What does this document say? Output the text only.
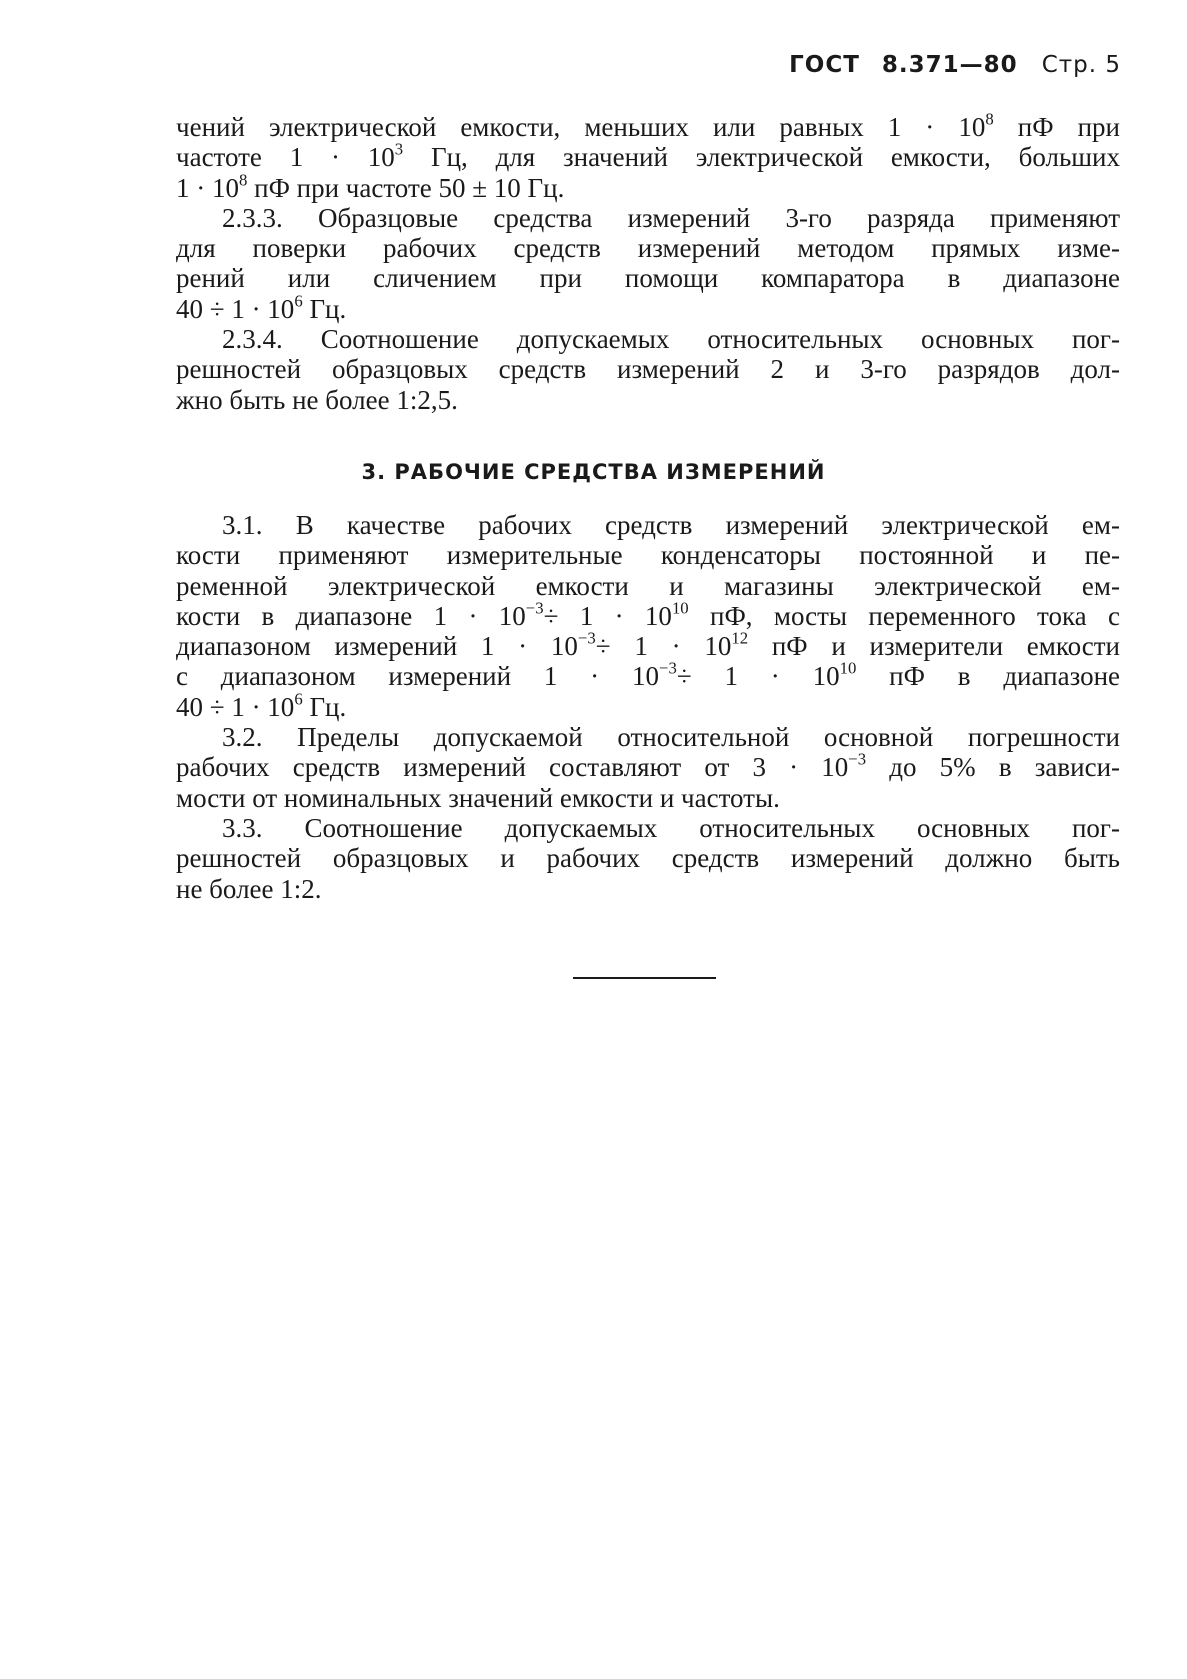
ГОСТ 8.371—80 Стр. 5

чений электрической емкости, меньших или равных $1 \cdot 10^8$ пФ при
частоте $1 \cdot 10^3$ Гц, для значений электрической емкости, больших
$1 \cdot 10^8$ пФ при частоте 50 ± 10 Гц.

2.3.3. Образцовые средства измерений 3-го разряда применяют
для поверки рабочих средств измерений методом прямых изме-
рений или сличением при помощи компаратора в диапазоне
$40 \div 1 \cdot 10^6$ Гц.

2.3.4. Соотношение допускаемых относительных основных пог-
решностей образцовых средств измерений 2 и 3-го разрядов дол-
жно быть не более 1:2,5.

3. РАБОЧИЕ СРЕДСТВА ИЗМЕРЕНИЙ

3.1. В качестве рабочих средств измерений электрической ем-
кости применяют измерительные конденсаторы постоянной и пе-
ременной электрической емкости и магазины электрической ем-
кости в диапазоне $1 \cdot 10^{-3}\div 1 \cdot 10^{10}$ пФ, мосты переменного тока с
диапазоном измерений $1 \cdot 10^{-3}\div 1 \cdot 10^{12}$ пФ и измерители емкости
с диапазоном измерений $1 \cdot 10^{-3}\div 1 \cdot 10^{10}$ пФ в диапазоне
$40 \div 1 \cdot 10^6$ Гц.

3.2. Пределы допускаемой относительной основной погрешности
рабочих средств измерений составляют от $3 \cdot 10^{-3}$ до 5% в зависи-
мости от номинальных значений емкости и частоты.

3.3. Соотношение допускаемых относительных основных пог-
решностей образцовых и рабочих средств измерений должно быть
не более 1:2.
